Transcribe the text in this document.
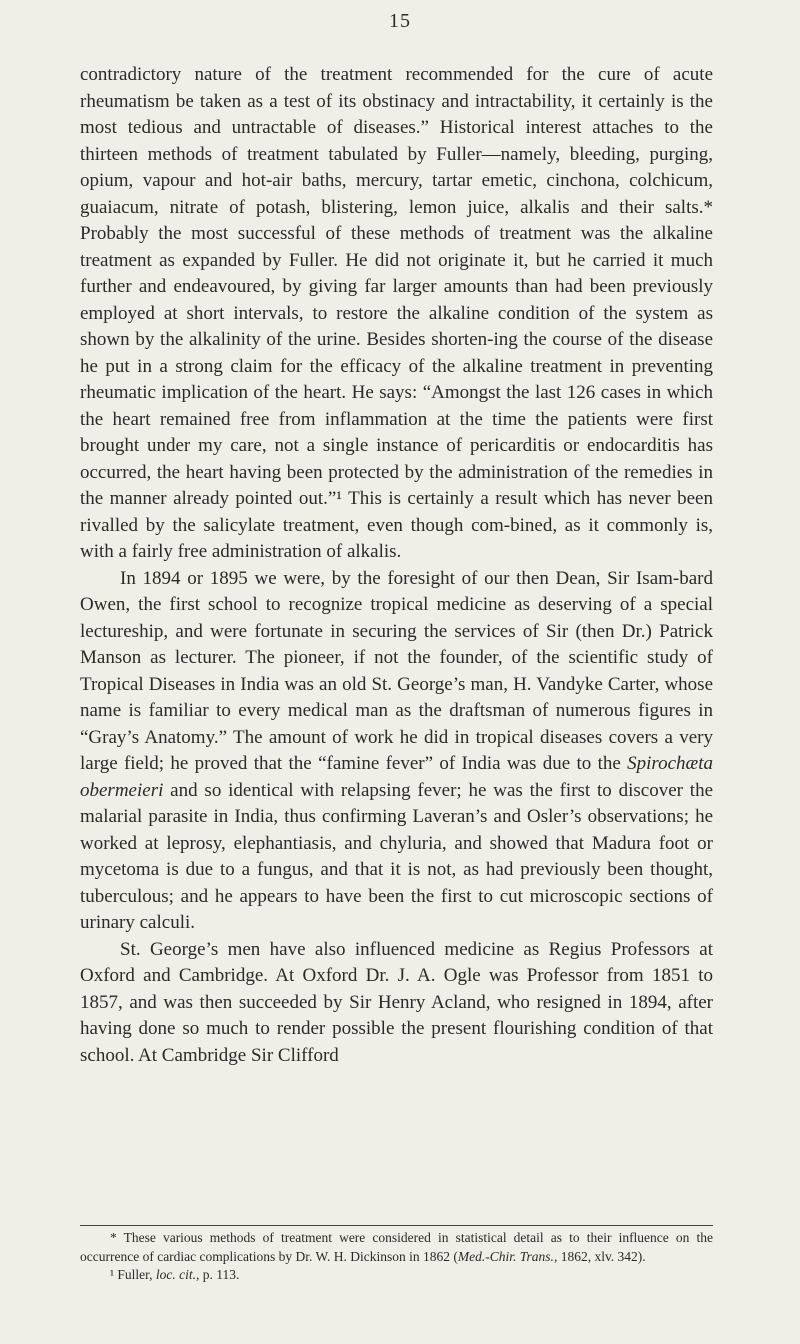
15

contradictory nature of the treatment recommended for the cure of acute rheumatism be taken as a test of its obstinacy and intractability, it certainly is the most tedious and untractable of diseases.” Historical interest attaches to the thirteen methods of treatment tabulated by Fuller—namely, bleeding, purging, opium, vapour and hot-air baths, mercury, tartar emetic, cinchona, colchicum, guaiacum, nitrate of potash, blistering, lemon juice, alkalis and their salts.* Probably the most successful of these methods of treatment was the alkaline treatment as expanded by Fuller. He did not originate it, but he carried it much further and endeavoured, by giving far larger amounts than had been previously employed at short intervals, to restore the alkaline condition of the system as shown by the alkalinity of the urine. Besides shorten-ing the course of the disease he put in a strong claim for the efficacy of the alkaline treatment in preventing rheumatic implication of the heart. He says: “Amongst the last 126 cases in which the heart remained free from inflammation at the time the patients were first brought under my care, not a single instance of pericarditis or endocarditis has occurred, the heart having been protected by the administration of the remedies in the manner already pointed out.”¹ This is certainly a result which has never been rivalled by the salicylate treatment, even though com-bined, as it commonly is, with a fairly free administration of alkalis.

In 1894 or 1895 we were, by the foresight of our then Dean, Sir Isam-bard Owen, the first school to recognize tropical medicine as deserving of a special lectureship, and were fortunate in securing the services of Sir (then Dr.) Patrick Manson as lecturer. The pioneer, if not the founder, of the scientific study of Tropical Diseases in India was an old St. George’s man, H. Vandyke Carter, whose name is familiar to every medical man as the draftsman of numerous figures in “Gray’s Anatomy.” The amount of work he did in tropical diseases covers a very large field; he proved that the “famine fever” of India was due to the Spirochæta obermeieri and so identical with relapsing fever; he was the first to discover the malarial parasite in India, thus confirming Laveran’s and Osler’s observations; he worked at leprosy, elephantiasis, and chyluria, and showed that Madura foot or mycetoma is due to a fungus, and that it is not, as had previously been thought, tuberculous; and he appears to have been the first to cut microscopic sections of urinary calculi.

St. George’s men have also influenced medicine as Regius Professors at Oxford and Cambridge. At Oxford Dr. J. A. Ogle was Professor from 1851 to 1857, and was then succeeded by Sir Henry Acland, who resigned in 1894, after having done so much to render possible the present flourishing condition of that school. At Cambridge Sir Clifford

* These various methods of treatment were considered in statistical detail as to their influence on the occurrence of cardiac complications by Dr. W. H. Dickinson in 1862 (Med.-Chir. Trans., 1862, xlv. 342).

¹ Fuller, loc. cit., p. 113.
